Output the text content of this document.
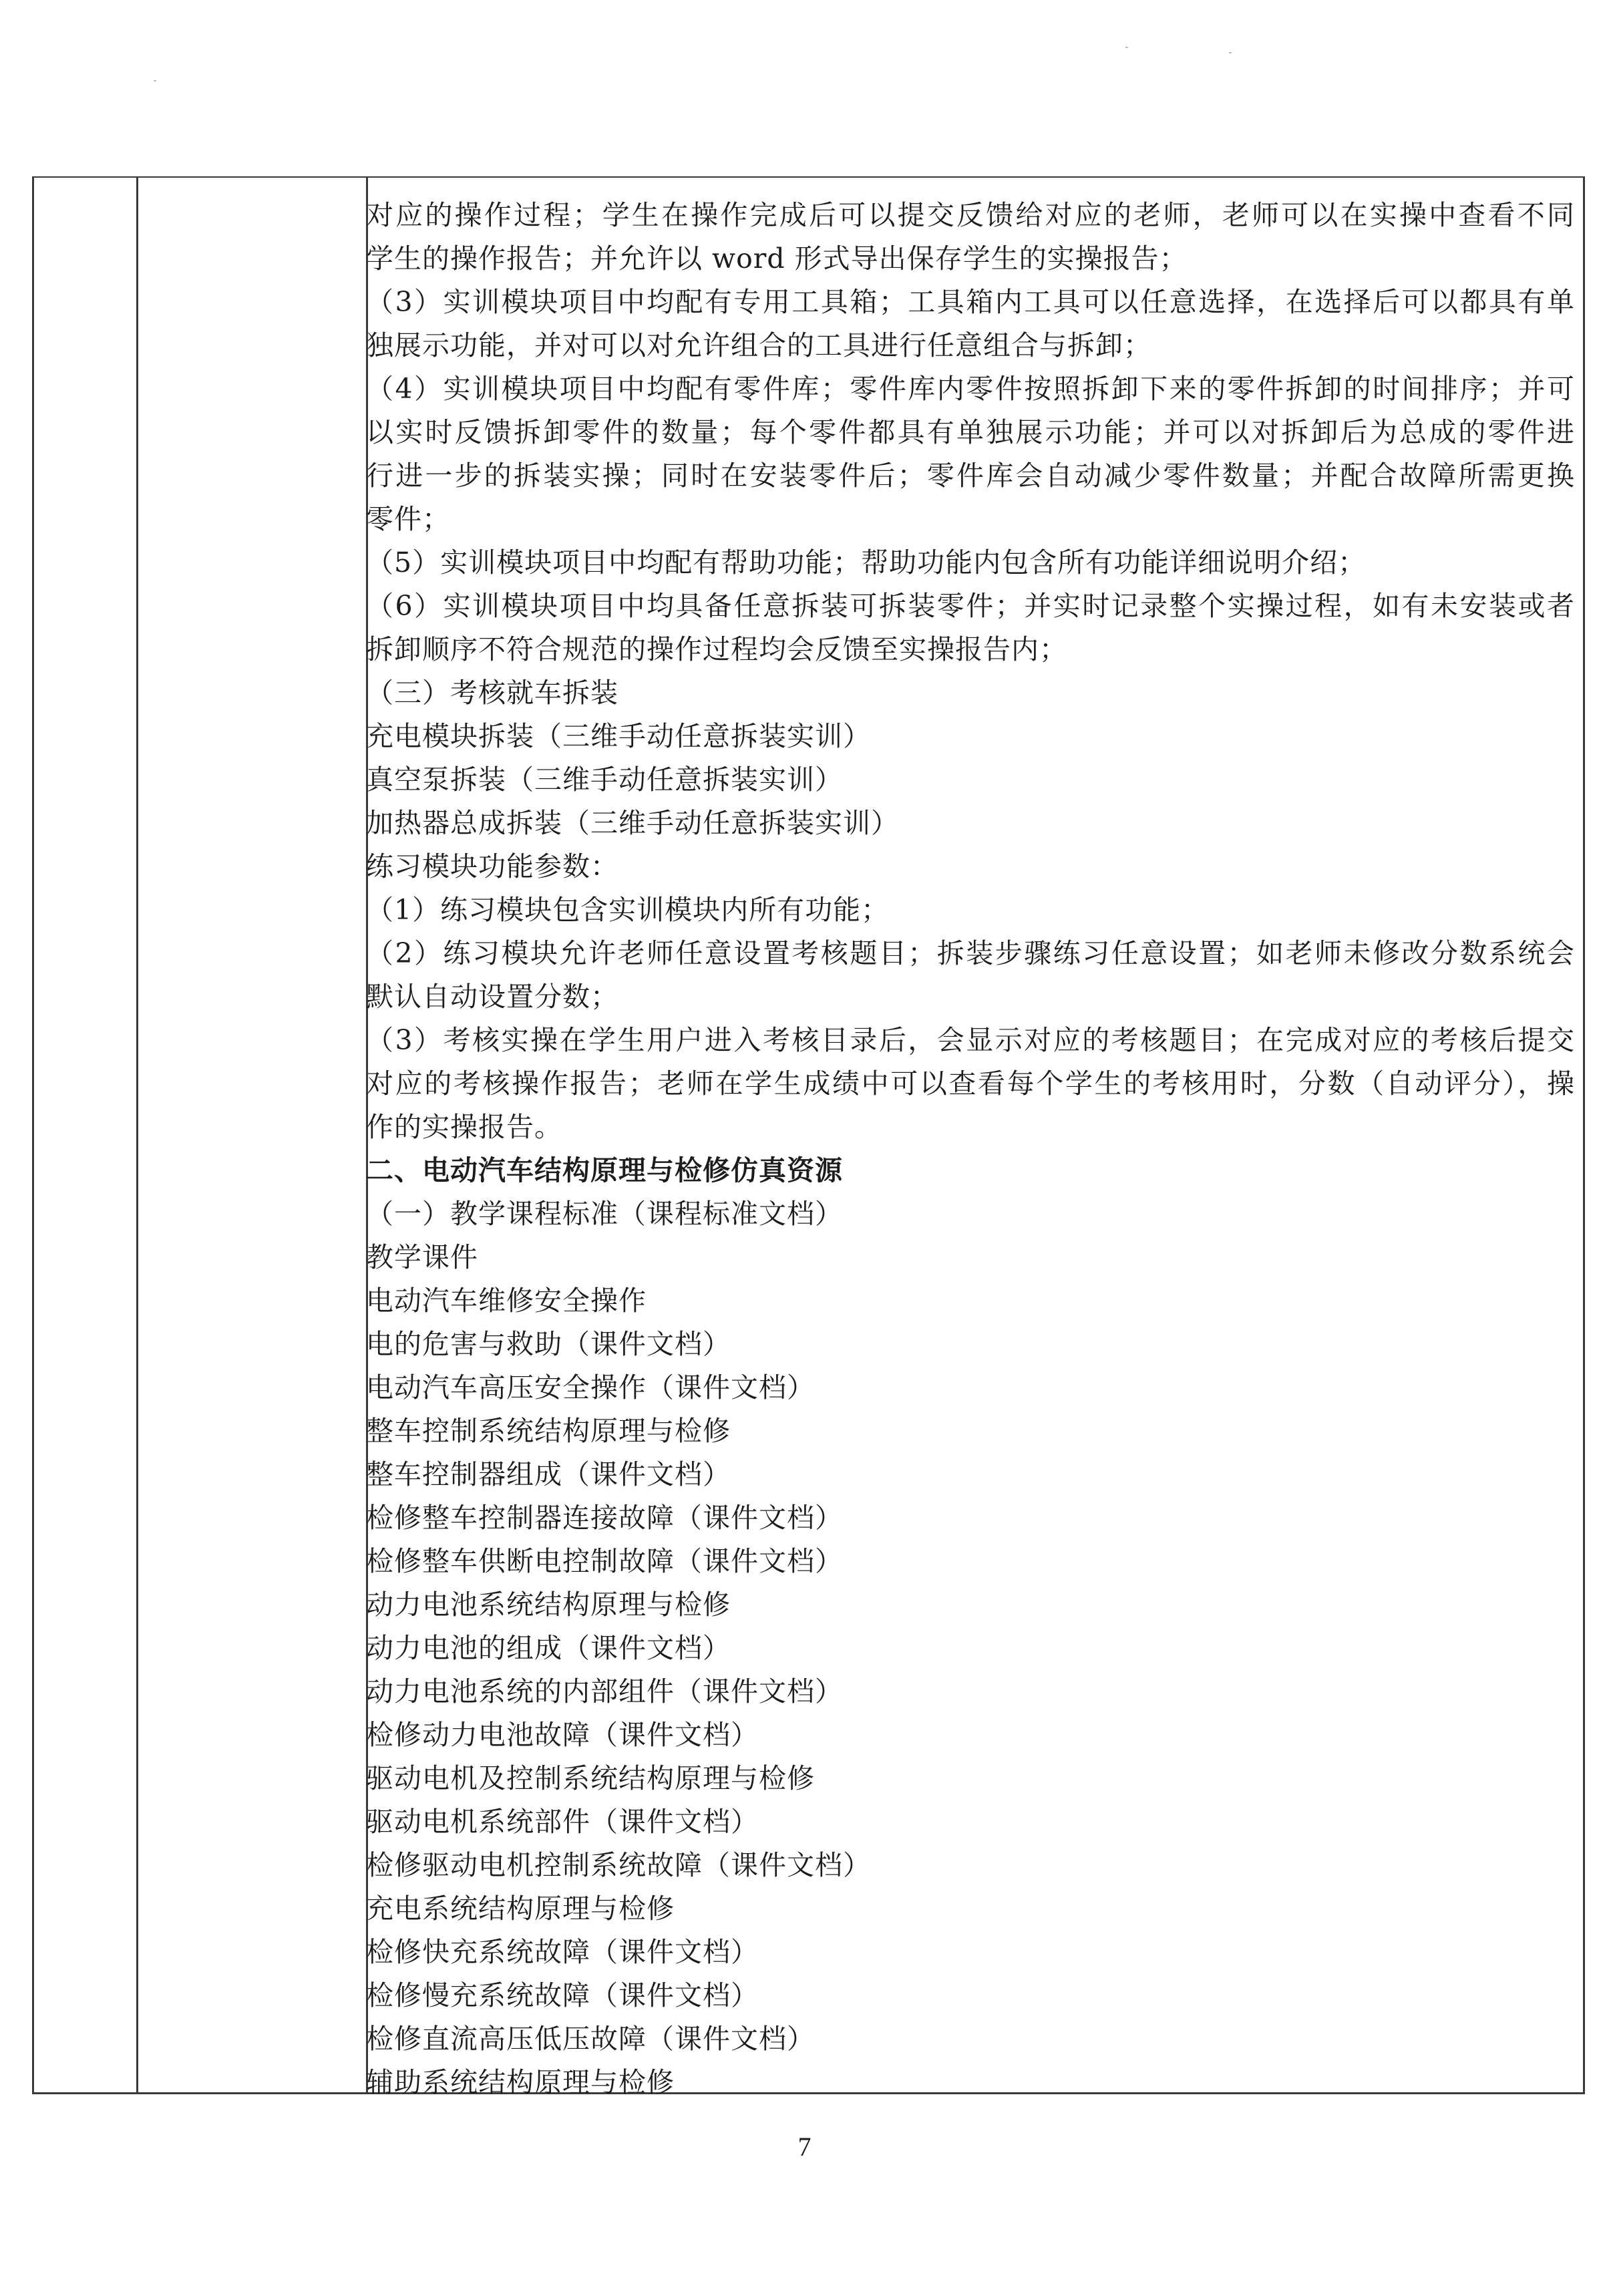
对应的操作过程；学生在操作完成后可以提交反馈给对应的老师，老师可以在实操中查看不同
学生的操作报告；并允许以 word 形式导出保存学生的实操报告；
（3）实训模块项目中均配有专用工具箱；工具箱内工具可以任意选择，在选择后可以都具有单
独展示功能，并对可以对允许组合的工具进行任意组合与拆卸；
（4）实训模块项目中均配有零件库；零件库内零件按照拆卸下来的零件拆卸的时间排序；并可
以实时反馈拆卸零件的数量；每个零件都具有单独展示功能；并可以对拆卸后为总成的零件进
行进一步的拆装实操；同时在安装零件后；零件库会自动减少零件数量；并配合故障所需更换
零件；
（5）实训模块项目中均配有帮助功能；帮助功能内包含所有功能详细说明介绍；
（6）实训模块项目中均具备任意拆装可拆装零件；并实时记录整个实操过程，如有未安装或者
拆卸顺序不符合规范的操作过程均会反馈至实操报告内；
（三）考核就车拆装
充电模块拆装（三维手动任意拆装实训）
真空泵拆装（三维手动任意拆装实训）
加热器总成拆装（三维手动任意拆装实训）
练习模块功能参数：
（1）练习模块包含实训模块内所有功能；
（2）练习模块允许老师任意设置考核题目；拆装步骤练习任意设置；如老师未修改分数系统会
默认自动设置分数；
（3）考核实操在学生用户进入考核目录后，会显示对应的考核题目；在完成对应的考核后提交
对应的考核操作报告；老师在学生成绩中可以查看每个学生的考核用时，分数（自动评分），操
作的实操报告。
二、电动汽车结构原理与检修仿真资源
（一）教学课程标准（课程标准文档）
教学课件
电动汽车维修安全操作
电的危害与救助（课件文档）
电动汽车高压安全操作（课件文档）
整车控制系统结构原理与检修
整车控制器组成（课件文档）
检修整车控制器连接故障（课件文档）
检修整车供断电控制故障（课件文档）
动力电池系统结构原理与检修
动力电池的组成（课件文档）
动力电池系统的内部组件（课件文档）
检修动力电池故障（课件文档）
驱动电机及控制系统结构原理与检修
驱动电机系统部件（课件文档）
检修驱动电机控制系统故障（课件文档）
充电系统结构原理与检修
检修快充系统故障（课件文档）
检修慢充系统故障（课件文档）
检修直流高压低压故障（课件文档）
辅助系统结构原理与检修
7
